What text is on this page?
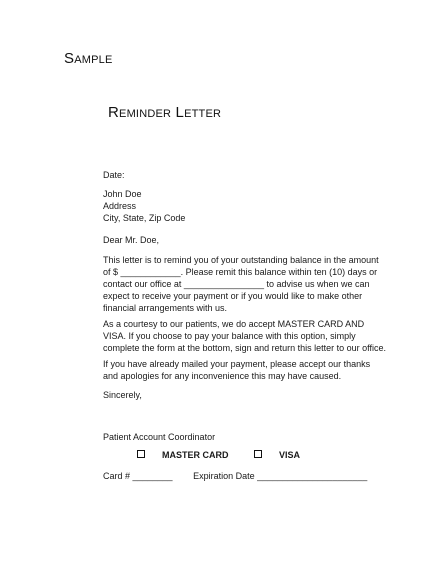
Sample
Reminder Letter
Date:
John Doe
Address
City, State, Zip Code
Dear Mr. Doe,
This letter is to remind you of your outstanding balance in the amount
of $ ____________. Please remit this balance within ten (10) days or
contact our office at ________________ to advise us when we can
expect to receive your payment or if you would like to make other
financial arrangements with us.
As a courtesy to our patients, we do accept MASTER CARD AND
VISA. If you choose to pay your balance with this option, simply
complete the form at the bottom, sign and return this letter to our office.
If you have already mailed your payment, please accept our thanks
and apologies for any inconvenience this may have caused.
Sincerely,
Patient Account Coordinator
MASTER CARD	VISA
Card # ________ Expiration Date ______________________
